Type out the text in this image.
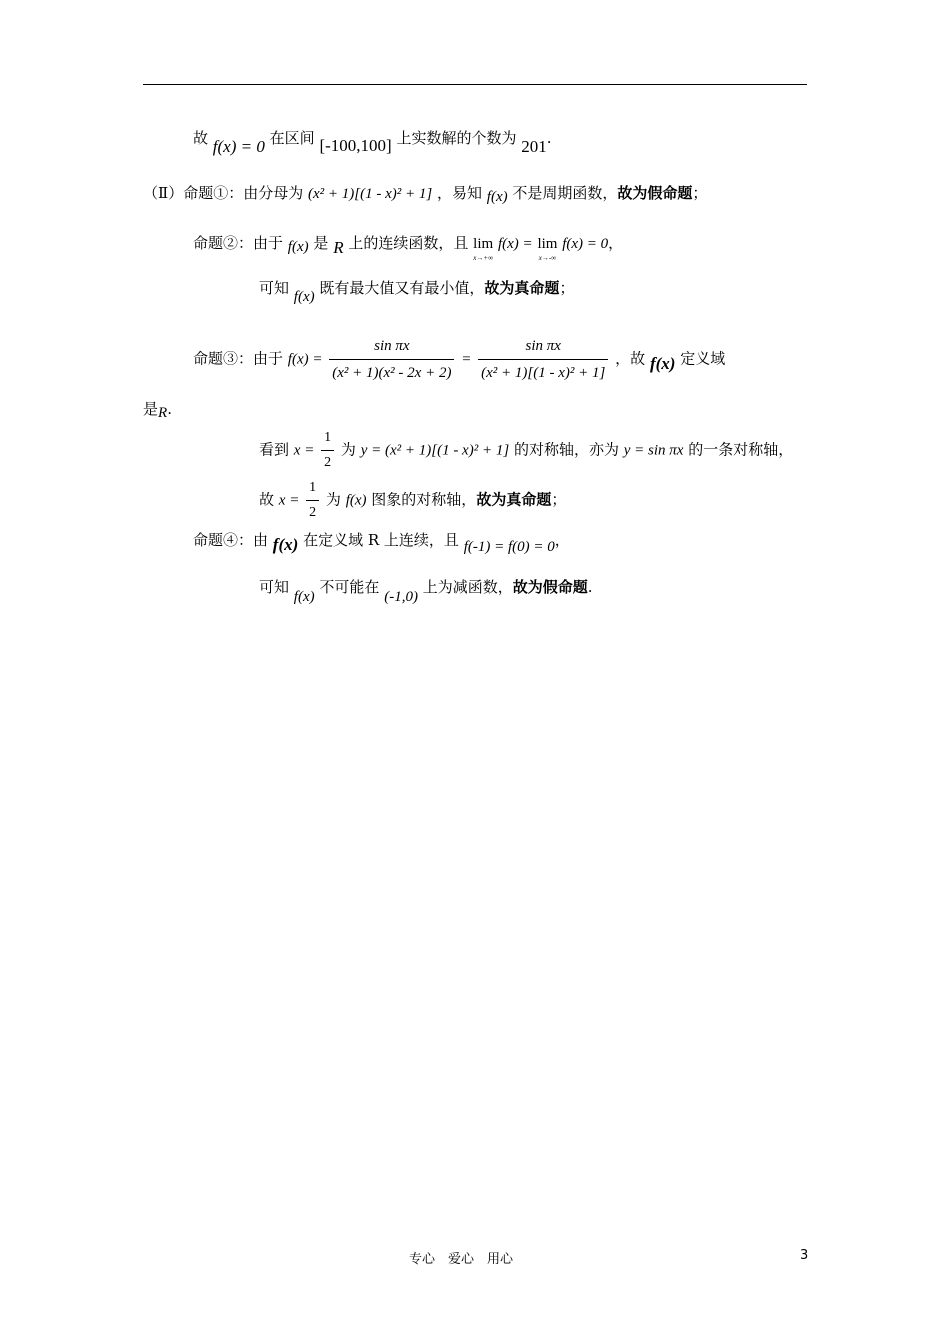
故 f(x) = 0 在区间 [-100,100] 上实数解的个数为 201.
（Ⅱ）命题①：由分母为 (x² + 1)[(1 - x)² + 1] ，易知 f(x) 不是周期函数，故为假命题；
命题②：由于 f(x) 是 R 上的连续函数，且 lim
x→+∞
f(x) = lim
x→-∞
f(x) = 0，
可知 f(x) 既有最大值又有最小值，故为真命题；
命题③：由于 $f(x) = \frac{\text{sin πx}}{\text{(x² + 1)(x² - 2x + 2)}} = \frac{\text{sin πx}}{\text{(x² + 1)[(1 - x)² + 1]}}$ ，故 f(x) 定义域
是R.
看到 $x = \frac{1}{2}$ 为 y = (x² + 1)[(1 - x)² + 1] 的对称轴，亦为 y = sin πx 的一条对称轴，
故 $x = \frac{1}{2}$ 为 f(x) 图象的对称轴，故为真命题；
命题④：由 f(x) 在定义域 R 上连续，且 f(-1) = f(0) = 0，
可知 f(x) 不可能在 (-1,0) 上为减函数，故为假命题.
专心　爱心　用心	3
